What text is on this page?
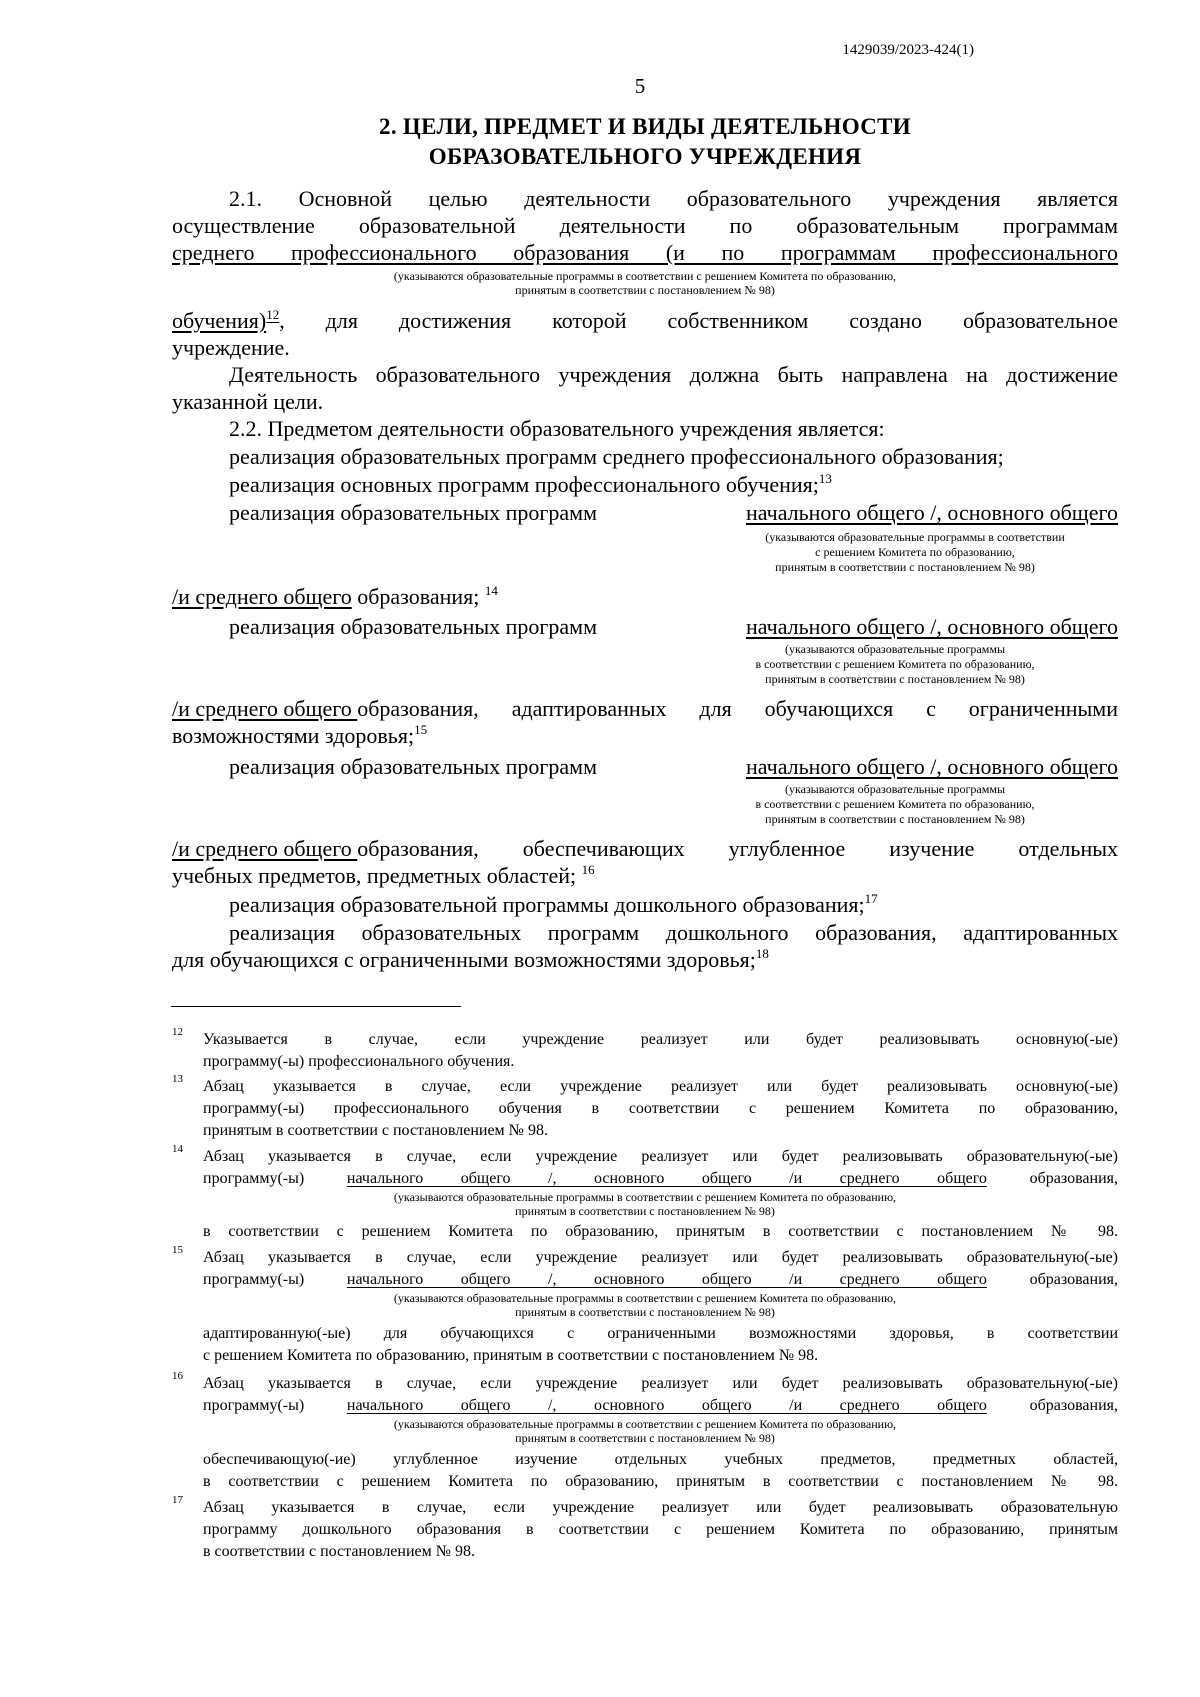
1429039/2023-424(1)
5
2. ЦЕЛИ, ПРЕДМЕТ И ВИДЫ ДЕЯТЕЛЬНОСТИ
ОБРАЗОВАТЕЛЬНОГО УЧРЕЖДЕНИЯ
2.1. Основной целью деятельности образовательного учреждения является
осуществление образовательной деятельности по образовательным программам
среднего профессионального образования (и по программам профессионального
(указываются образовательные программы в соответствии с решением Комитета по образованию,
принятым в соответствии с постановлением № 98)
обучения)$^{12}$ , для достижения которой собственником создано образовательное
учреждение.
Деятельность образовательного учреждения должна быть направлена на достижение
указанной цели.
2.2. Предметом деятельности образовательного учреждения является:
реализация образовательных программ среднего профессионального образования;
реализация основных программ профессионального обучения;$^{13}$
реализация образовательных программ	начального общего /, основного общего
(указываются образовательные программы в соответствии
с решением Комитета по образованию,
принятым в соответствии с постановлением № 98)
/и среднего общего образования; $^{14}$
реализация образовательных программ	начального общего /, основного общего
(указываются образовательные программы
в соответствии с решением Комитета по образованию,
принятым в соответствии с постановлением № 98)
/и среднего общего образования, адаптированных для обучающихся с ограниченными
возможностями здоровья;$^{15}$
реализация образовательных программ	начального общего /, основного общего
(указываются образовательные программы
в соответствии с решением Комитета по образованию,
принятым в соответствии с постановлением № 98)
/и среднего общего образования, обеспечивающих углубленное изучение отдельных
учебных предметов, предметных областей; $^{16}$
реализация образовательной программы дошкольного образования;$^{17}$
реализация образовательных программ дошкольного образования, адаптированных
для обучающихся с ограниченными возможностями здоровья;$^{18}$
12 Указывается в случае, если учреждение реализует или будет реализовывать основную(-ые)
программу(-ы) профессионального обучения.
13 Абзац указывается в случае, если учреждение реализует или будет реализовывать основную(-ые)
программу(-ы) профессионального обучения в соответствии с решением Комитета по образованию,
принятым в соответствии с постановлением № 98.
14 Абзац указывается в случае, если учреждение реализует или будет реализовывать образовательную(-ые)
программу(-ы)	начального общего /, основного общего /и среднего общего	образования,
(указываются образовательные программы в соответствии с решением Комитета по образованию,
принятым в соответствии с постановлением № 98)
в соответствии с решением Комитета по образованию, принятым в соответствии с постановлением № 98.
15 Абзац указывается в случае, если учреждение реализует или будет реализовывать образовательную(-ые)
программу(-ы)	начального общего /, основного общего /и среднего общего	образования,
(указываются образовательные программы в соответствии с решением Комитета по образованию,
принятым в соответствии с постановлением № 98)
адаптированную(-ые) для обучающихся с ограниченными возможностями здоровья, в соответствии
с решением Комитета по образованию, принятым в соответствии с постановлением № 98.
16 Абзац указывается в случае, если учреждение реализует или будет реализовывать образовательную(-ые)
программу(-ы)	начального общего /, основного общего /и среднего общего	образования,
(указываются образовательные программы в соответствии с решением Комитета по образованию,
принятым в соответствии с постановлением № 98)
обеспечивающую(-ие) углубленное изучение отдельных учебных предметов, предметных областей,
в соответствии с решением Комитета по образованию, принятым в соответствии с постановлением № 98.
17 Абзац указывается в случае, если учреждение реализует или будет реализовывать образовательную
программу дошкольного образования в соответствии с решением Комитета по образованию, принятым
в соответствии с постановлением № 98.
